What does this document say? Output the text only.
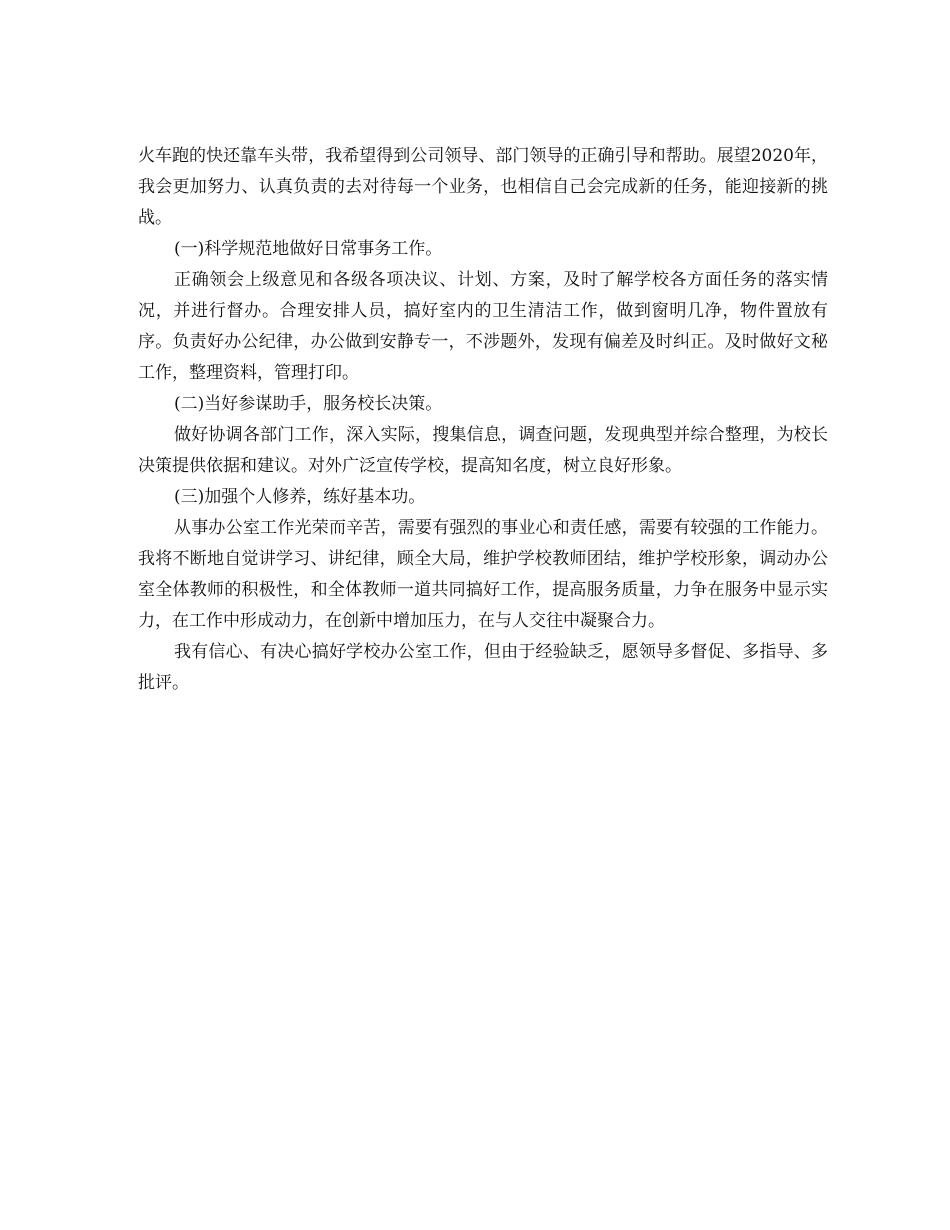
火车跑的快还靠车头带，我希望得到公司领导、部门领导的正确引导和帮助。展望2020年，我会更加努力、认真负责的去对待每一个业务，也相信自己会完成新的任务，能迎接新的挑战。

(一)科学规范地做好日常事务工作。

正确领会上级意见和各级各项决议、计划、方案，及时了解学校各方面任务的落实情况，并进行督办。合理安排人员，搞好室内的卫生清洁工作，做到窗明几净，物件置放有序。负责好办公纪律，办公做到安静专一，不涉题外，发现有偏差及时纠正。及时做好文秘工作，整理资料，管理打印。

(二)当好参谋助手，服务校长决策。

做好协调各部门工作，深入实际，搜集信息，调查问题，发现典型并综合整理，为校长决策提供依据和建议。对外广泛宣传学校，提高知名度，树立良好形象。

(三)加强个人修养，练好基本功。

从事办公室工作光荣而辛苦，需要有强烈的事业心和责任感，需要有较强的工作能力。我将不断地自觉讲学习、讲纪律，顾全大局，维护学校教师团结，维护学校形象，调动办公室全体教师的积极性，和全体教师一道共同搞好工作，提高服务质量，力争在服务中显示实力，在工作中形成动力，在创新中增加压力，在与人交往中凝聚合力。

我有信心、有决心搞好学校办公室工作，但由于经验缺乏，愿领导多督促、多指导、多批评。
